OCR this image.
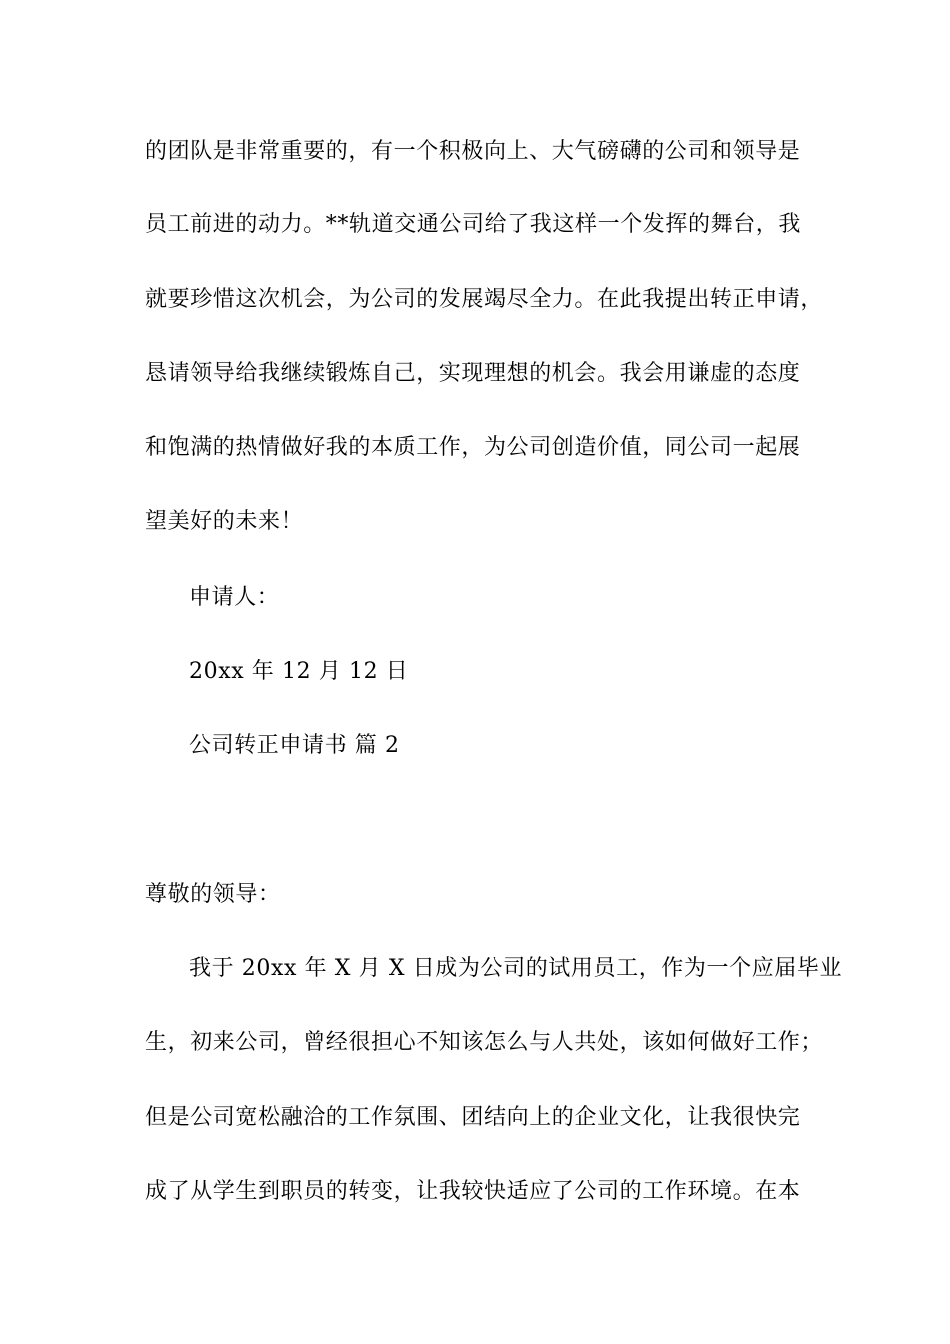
的团队是非常重要的，有一个积极向上、大气磅礴的公司和领导是
员工前进的动力。**轨道交通公司给了我这样一个发挥的舞台，我
就要珍惜这次机会，为公司的发展竭尽全力。在此我提出转正申请，
恳请领导给我继续锻炼自己，实现理想的机会。我会用谦虚的态度
和饱满的热情做好我的本质工作，为公司创造价值，同公司一起展
望美好的未来！
申请人：
20xx 年 12 月 12 日
公司转正申请书 篇 2
尊敬的领导：
我于 20xx 年 X 月 X 日成为公司的试用员工，作为一个应届毕业
生，初来公司，曾经很担心不知该怎么与人共处，该如何做好工作；
但是公司宽松融洽的工作氛围、团结向上的企业文化，让我很快完
成了从学生到职员的转变，让我较快适应了公司的工作环境。在本
